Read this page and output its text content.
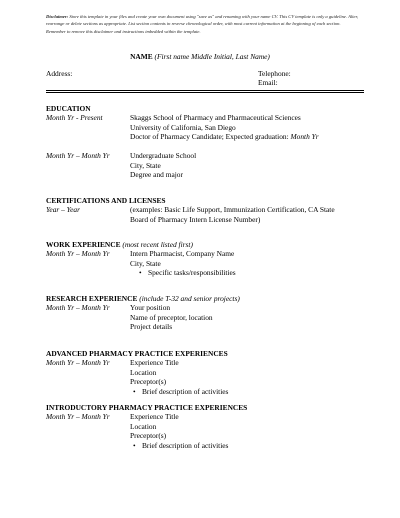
Disclaimer: Store this template in your files and create your own document using "save as" and renaming with your name CV. This CV template is only a guideline. Alter, rearrange or delete sections as appropriate. List section contents in reverse chronological order, with most current information at the beginning of each section. Remember to remove this disclaimer and instructions imbedded within the template.
NAME (First name Middle Initial, Last Name)
Address:	Telephone:
Email:
EDUCATION
Month Yr - Present	Skaggs School of Pharmacy and Pharmaceutical Sciences
University of California, San Diego
Doctor of Pharmacy Candidate; Expected graduation: Month Yr
Month Yr – Month Yr	Undergraduate School
City, State
Degree and major
CERTIFICATIONS AND LICENSES
Year – Year	(examples: Basic Life Support, Immunization Certification, CA State
Board of Pharmacy Intern License Number)
WORK EXPERIENCE (most recent listed first)
Month Yr – Month Yr	Intern Pharmacist, Company Name
City, State
• Specific tasks/responsibilities
RESEARCH EXPERIENCE (include T-32 and senior projects)
Month Yr – Month Yr	Your position
Name of preceptor, location
Project details
ADVANCED PHARMACY PRACTICE EXPERIENCES
Month Yr – Month Yr	Experience Title
Location
Preceptor(s)
• Brief description of activities
INTRODUCTORY PHARMACY PRACTICE EXPERIENCES
Month Yr – Month Yr	Experience Title
Location
Preceptor(s)
• Brief description of activities
